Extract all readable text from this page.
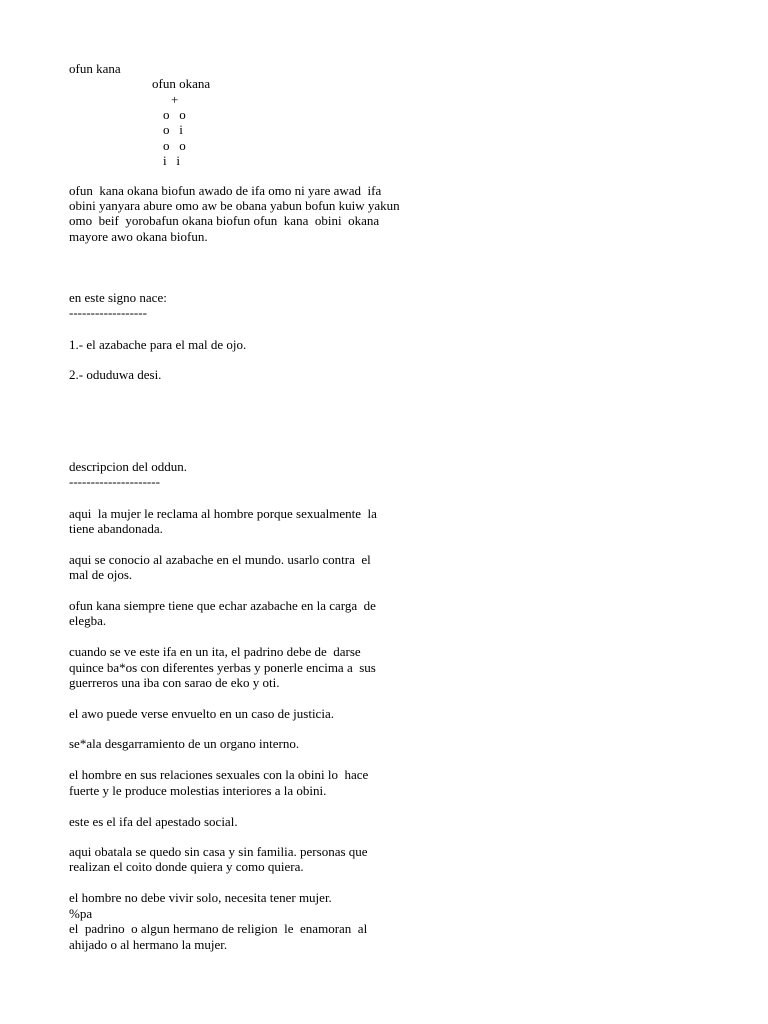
ofun kana
ofun okana
+
o   o
o   i
o   o
i   i
ofun  kana okana biofun awado de ifa omo ni yare awad  ifa
obini yanyara abure omo aw be obana yabun bofun kuiw yakun
omo  beif  yorobafun okana biofun ofun  kana  obini  okana
mayore awo okana biofun.
en este signo nace:
------------------
1.- el azabache para el mal de ojo.
2.- oduduwa desi.
descripcion del oddun.
---------------------
aqui  la mujer le reclama al hombre porque sexualmente  la
tiene abandonada.
aqui se conocio al azabache en el mundo. usarlo contra  el
mal de ojos.
ofun kana siempre tiene que echar azabache en la carga  de
elegba.
cuando se ve este ifa en un ita, el padrino debe de  darse
quince ba*os con diferentes yerbas y ponerle encima a  sus
guerreros una iba con sarao de eko y oti.
el awo puede verse envuelto en un caso de justicia.
se*ala desgarramiento de un organo interno.
el hombre en sus relaciones sexuales con la obini lo  hace
fuerte y le produce molestias interiores a la obini.
este es el ifa del apestado social.
aqui obatala se quedo sin casa y sin familia. personas que
realizan el coito donde quiera y como quiera.
el hombre no debe vivir solo, necesita tener mujer.
%pa
el  padrino  o algun hermano de religion  le  enamoran  al
ahijado o al hermano la mujer.
